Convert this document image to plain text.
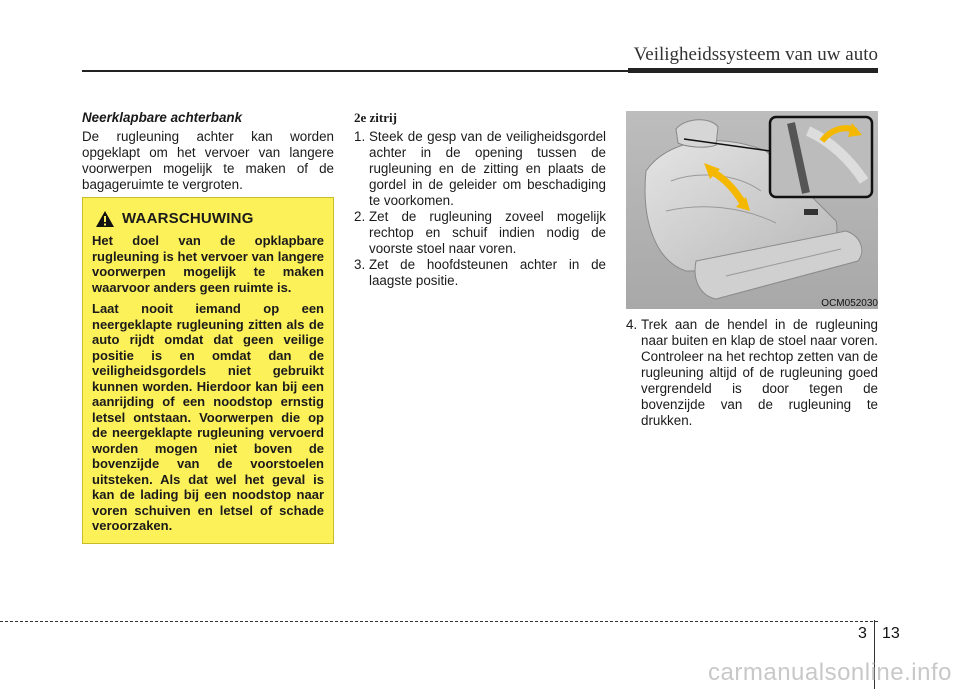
Veiligheidssysteem van uw auto
Neerklapbare achterbank
De rugleuning achter kan worden opgeklapt om het vervoer van langere voorwerpen mogelijk te maken of de bagageruimte te vergroten.
WAARSCHUWING

Het doel van de opklapbare rugleuning is het vervoer van langere voorwerpen mogelijk te maken waarvoor anders geen ruimte is.

Laat nooit iemand op een neergeklapte rugleuning zitten als de auto rijdt omdat dat geen veilige positie is en omdat dan de veiligheidsgordels niet gebruikt kunnen worden. Hierdoor kan bij een aanrijding of een noodstop ernstig letsel ontstaan. Voorwerpen die op de neergeklapte rugleuning vervoerd worden mogen niet boven de bovenzijde van de voorstoelen uitsteken. Als dat wel het geval is kan de lading bij een noodstop naar voren schuiven en letsel of schade veroorzaken.

2e zitrij
1. Steek de gesp van de veiligheidsgordel achter in de opening tussen de rugleuning en de zitting en plaats de gordel in de geleider om beschadiging te voorkomen.
2. Zet de rugleuning zoveel mogelijk rechtop en schuif indien nodig de voorste stoel naar voren.
3. Zet de hoofdsteunen achter in de laagste positie.
OCM052030
4. Trek aan de hendel in de rugleuning naar buiten en klap de stoel naar voren. Controleer na het rechtop zetten van de rugleuning altijd of de rugleuning goed vergrendeld is door tegen de bovenzijde van de rugleuning te drukken.
3 13
carmanualsonline.info
